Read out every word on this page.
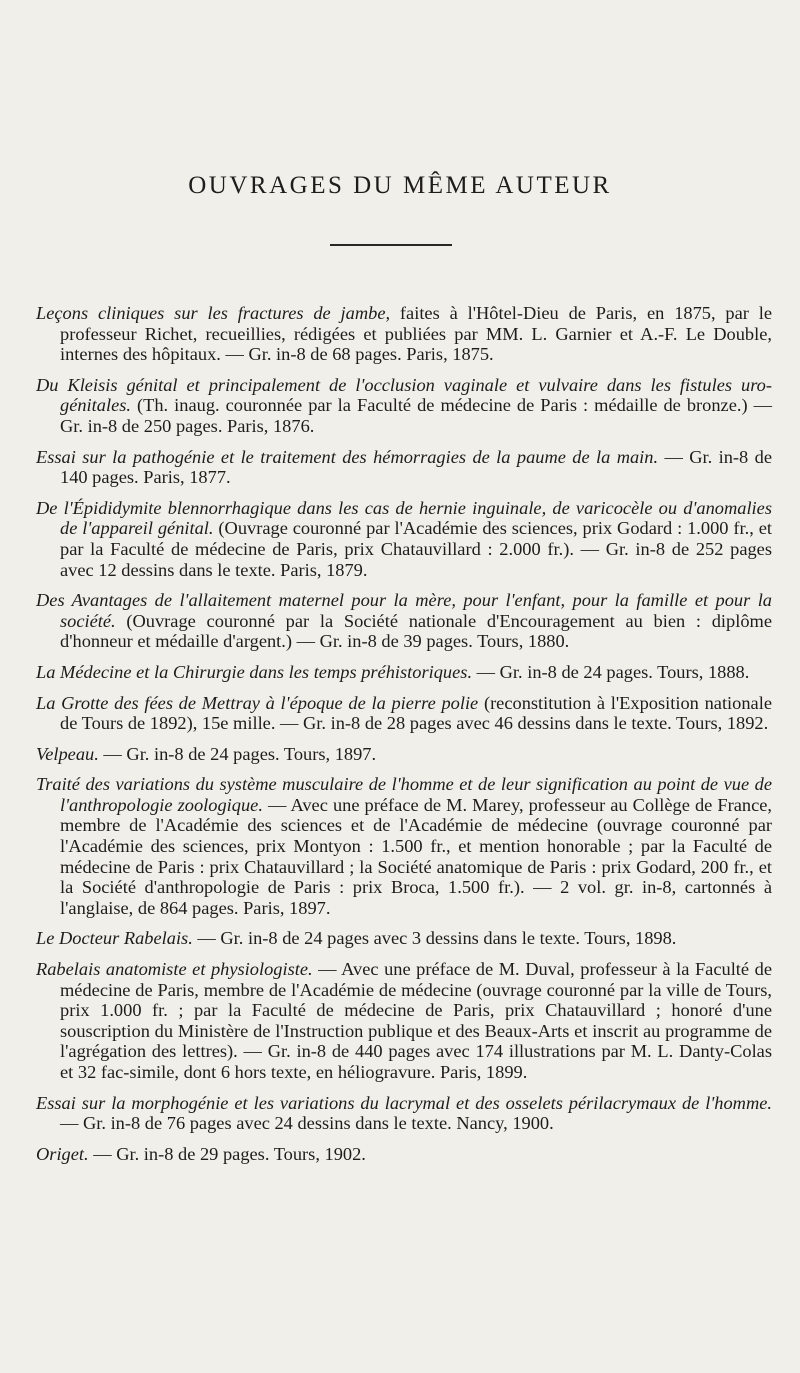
OUVRAGES DU MÊME AUTEUR

Leçons cliniques sur les fractures de jambe, faites à l'Hôtel-Dieu de Paris, en 1875, par le professeur Richet, recueillies, rédigées et publiées par MM. L. Garnier et A.-F. Le Double, internes des hôpitaux. — Gr. in-8 de 68 pages. Paris, 1875.

Du Kleisis génital et principalement de l'occlusion vaginale et vulvaire dans les fistules uro-génitales. (Th. inaug. couronnée par la Faculté de médecine de Paris : médaille de bronze.) — Gr. in-8 de 250 pages. Paris, 1876.

Essai sur la pathogénie et le traitement des hémorragies de la paume de la main. — Gr. in-8 de 140 pages. Paris, 1877.

De l'Épididymite blennorrhagique dans les cas de hernie inguinale, de varicocèle ou d'anomalies de l'appareil génital. (Ouvrage couronné par l'Académie des sciences, prix Godard : 1.000 fr., et par la Faculté de médecine de Paris, prix Chatauvillard : 2.000 fr.). — Gr. in-8 de 252 pages avec 12 dessins dans le texte. Paris, 1879.

Des Avantages de l'allaitement maternel pour la mère, pour l'enfant, pour la famille et pour la société. (Ouvrage couronné par la Société nationale d'Encouragement au bien : diplôme d'honneur et médaille d'argent.) — Gr. in-8 de 39 pages. Tours, 1880.

La Médecine et la Chirurgie dans les temps préhistoriques. — Gr. in-8 de 24 pages. Tours, 1888.

La Grotte des fées de Mettray à l'époque de la pierre polie (reconstitution à l'Exposition nationale de Tours de 1892), 15e mille. — Gr. in-8 de 28 pages avec 46 dessins dans le texte. Tours, 1892.

Velpeau. — Gr. in-8 de 24 pages. Tours, 1897.

Traité des variations du système musculaire de l'homme et de leur signification au point de vue de l'anthropologie zoologique. — Avec une préface de M. Marey, professeur au Collège de France, membre de l'Académie des sciences et de l'Académie de médecine (ouvrage couronné par l'Académie des sciences, prix Montyon : 1.500 fr., et mention honorable ; par la Faculté de médecine de Paris : prix Chatauvillard ; la Société anatomique de Paris : prix Godard, 200 fr., et la Société d'anthropologie de Paris : prix Broca, 1.500 fr.). — 2 vol. gr. in-8, cartonnés à l'anglaise, de 864 pages. Paris, 1897.

Le Docteur Rabelais. — Gr. in-8 de 24 pages avec 3 dessins dans le texte. Tours, 1898.

Rabelais anatomiste et physiologiste. — Avec une préface de M. Duval, professeur à la Faculté de médecine de Paris, membre de l'Académie de médecine (ouvrage couronné par la ville de Tours, prix 1.000 fr. ; par la Faculté de médecine de Paris, prix Chatauvillard ; honoré d'une souscription du Ministère de l'Instruction publique et des Beaux-Arts et inscrit au programme de l'agrégation des lettres). — Gr. in-8 de 440 pages avec 174 illustrations par M. L. Danty-Colas et 32 fac-simile, dont 6 hors texte, en héliogravure. Paris, 1899.

Essai sur la morphogénie et les variations du lacrymal et des osselets périlacrymaux de l'homme. — Gr. in-8 de 76 pages avec 24 dessins dans le texte. Nancy, 1900.

Origet. — Gr. in-8 de 29 pages. Tours, 1902.
